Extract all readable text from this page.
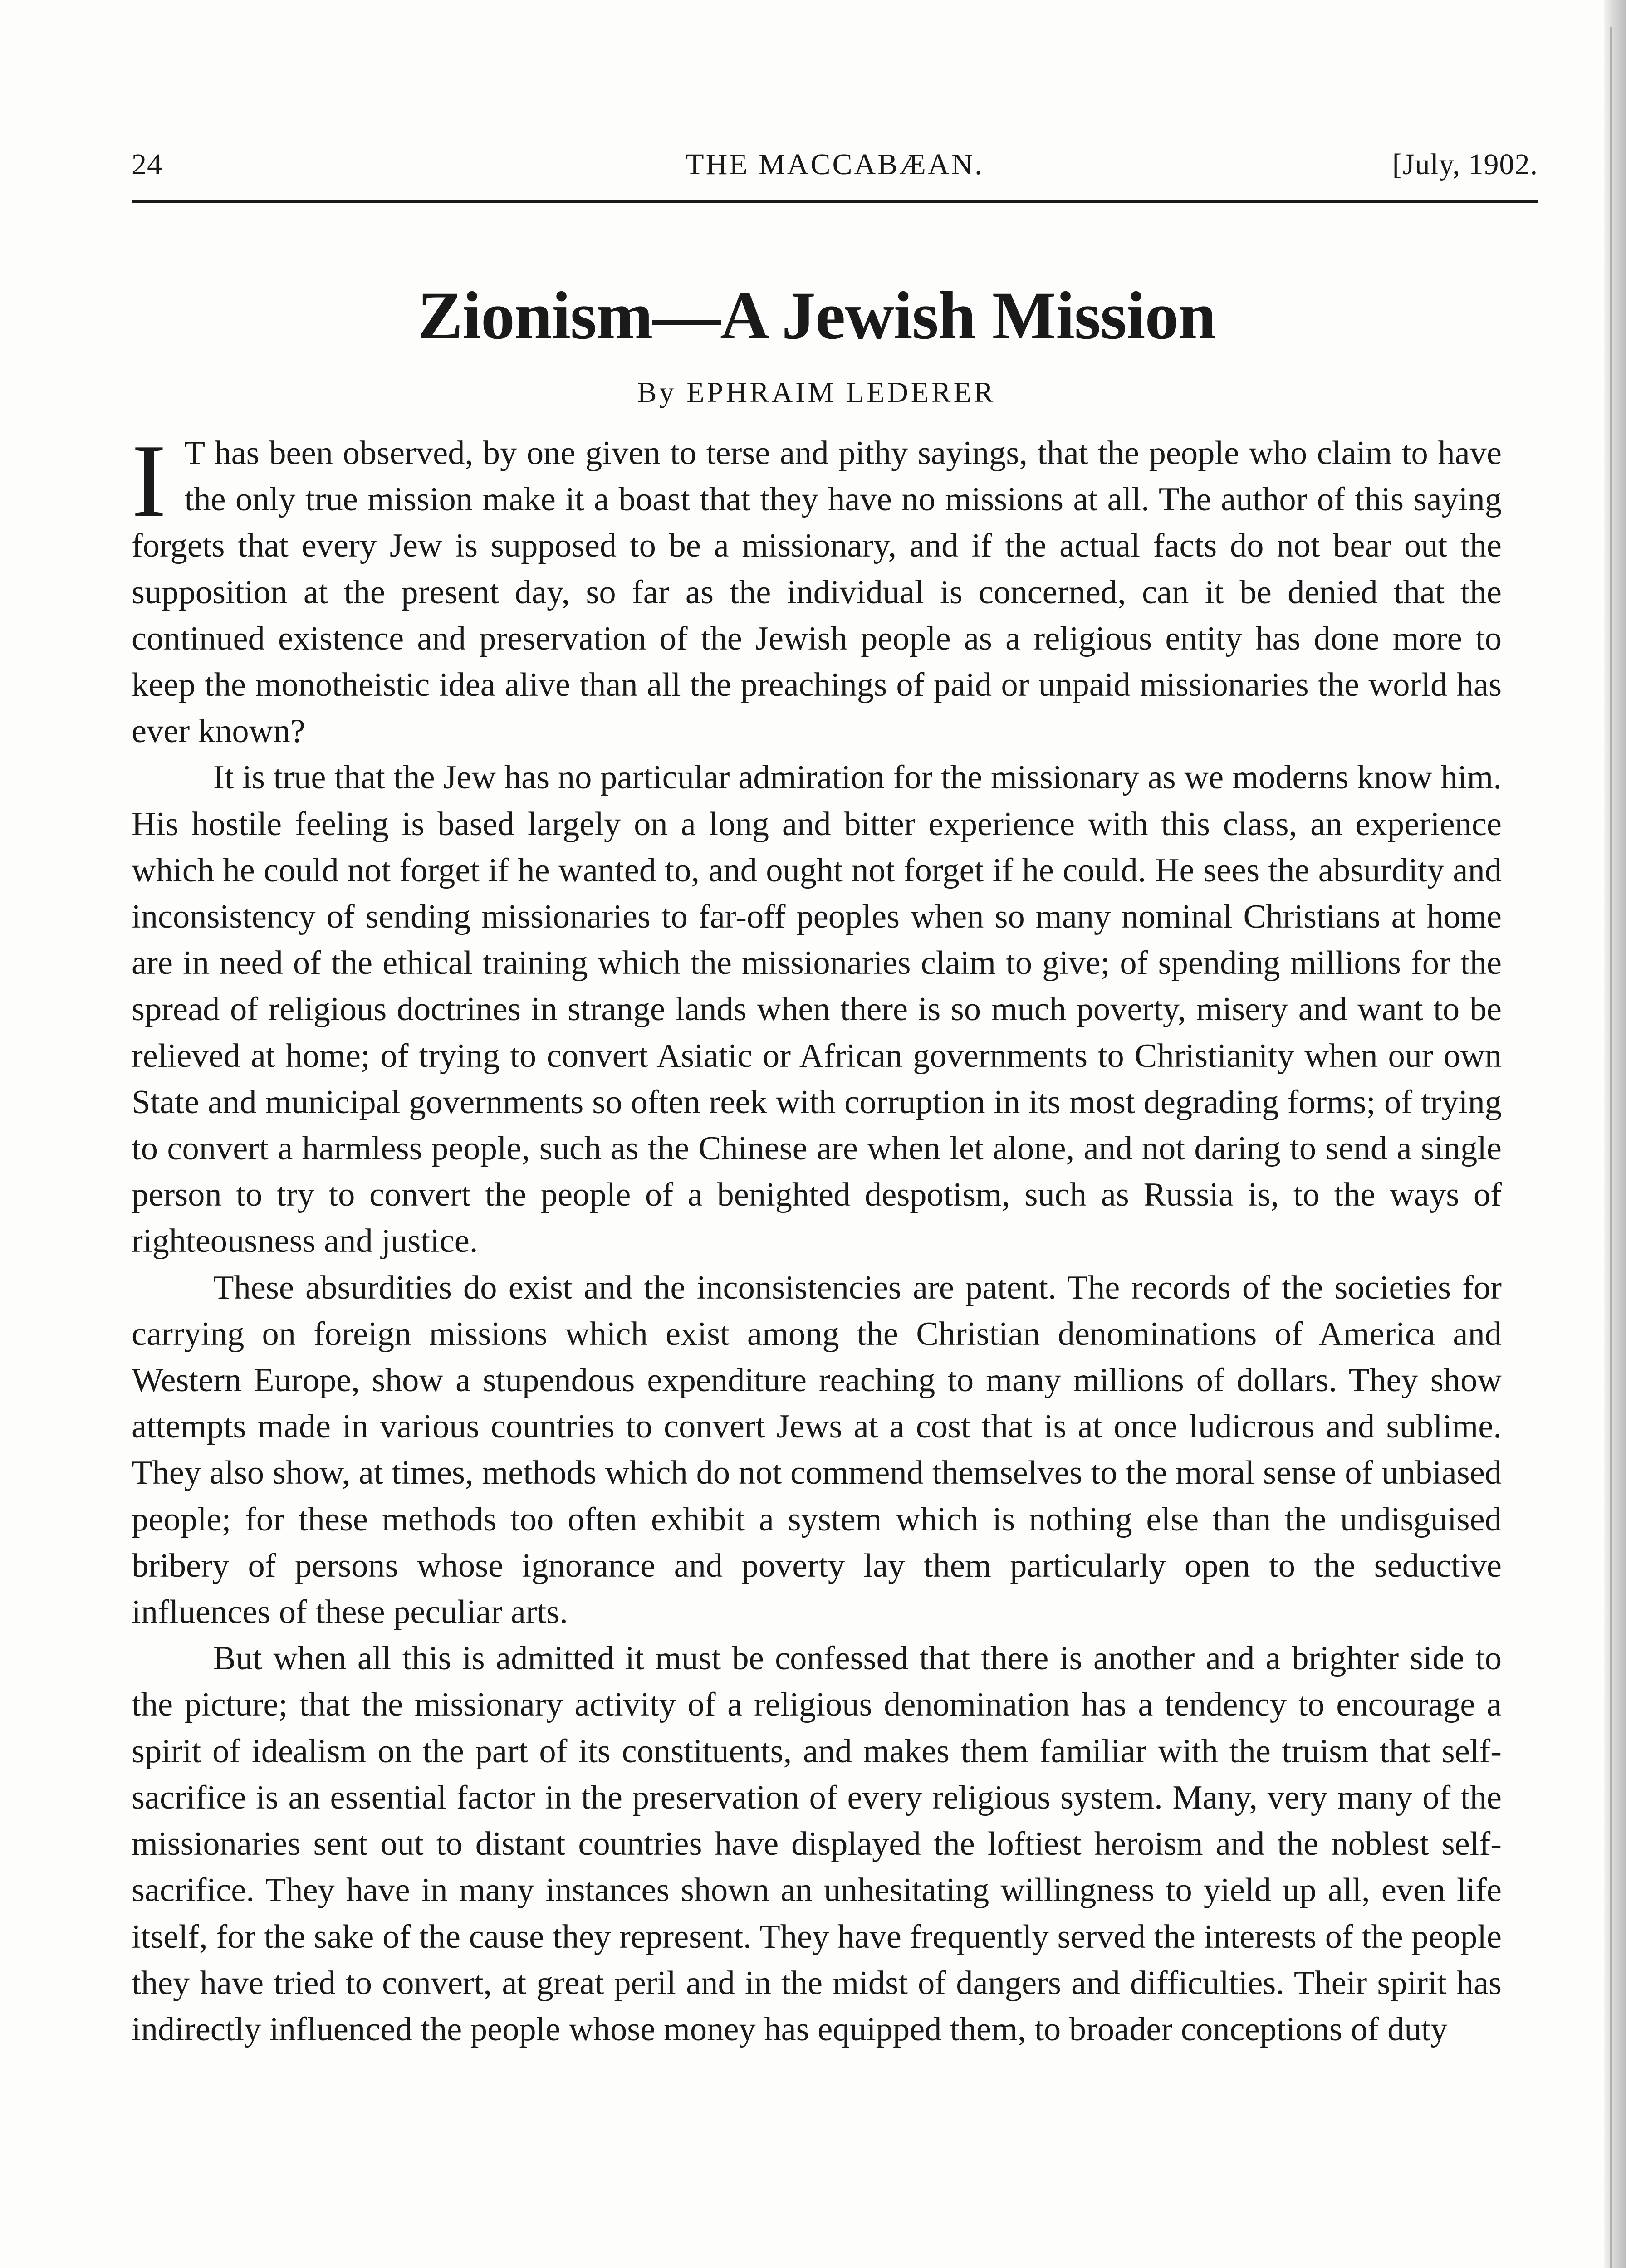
24	THE MACCABÆAN.	[July, 1902.
Zionism—A Jewish Mission
By EPHRAIM LEDERER

I T has been observed, by one given to terse and pithy sayings, that the people who claim to have the only true mission make it a boast that they have no missions at all. The author of this saying forgets that every Jew is supposed to be a missionary, and if the actual facts do not bear out the supposition at the present day, so far as the individual is concerned, can it be denied that the continued existence and preservation of the Jewish people as a religious entity has done more to keep the monotheistic idea alive than all the preachings of paid or unpaid missionaries the world has ever known?

It is true that the Jew has no particular admiration for the missionary as we moderns know him. His hostile feeling is based largely on a long and bitter experience with this class, an experience which he could not forget if he wanted to, and ought not forget if he could. He sees the absurdity and inconsistency of sending missionaries to far-off peoples when so many nominal Christians at home are in need of the ethical training which the missionaries claim to give; of spending millions for the spread of religious doctrines in strange lands when there is so much poverty, misery and want to be relieved at home; of trying to convert Asiatic or African governments to Christianity when our own State and municipal governments so often reek with corruption in its most degrading forms; of trying to convert a harmless people, such as the Chinese are when let alone, and not daring to send a single person to try to convert the people of a benighted despotism, such as Russia is, to the ways of righteousness and justice.

These absurdities do exist and the inconsistencies are patent. The records of the societies for carrying on foreign missions which exist among the Christian denominations of America and Western Europe, show a stupendous expenditure reaching to many millions of dollars. They show attempts made in various countries to convert Jews at a cost that is at once ludicrous and sublime. They also show, at times, methods which do not commend themselves to the moral sense of unbiased people; for these methods too often exhibit a system which is nothing else than the undisguised bribery of persons whose ignorance and poverty lay them particularly open to the seductive influences of these peculiar arts.

But when all this is admitted it must be confessed that there is another and a brighter side to the picture; that the missionary activity of a religious denomination has a tendency to encourage a spirit of idealism on the part of its constituents, and makes them familiar with the truism that self-sacrifice is an essential factor in the preservation of every religious system. Many, very many of the missionaries sent out to distant countries have displayed the loftiest heroism and the noblest self-sacrifice. They have in many instances shown an unhesitating willingness to yield up all, even life itself, for the sake of the cause they represent. They have frequently served the interests of the people they have tried to convert, at great peril and in the midst of dangers and difficulties. Their spirit has indirectly influenced the people whose money has equipped them, to broader conceptions of duty
